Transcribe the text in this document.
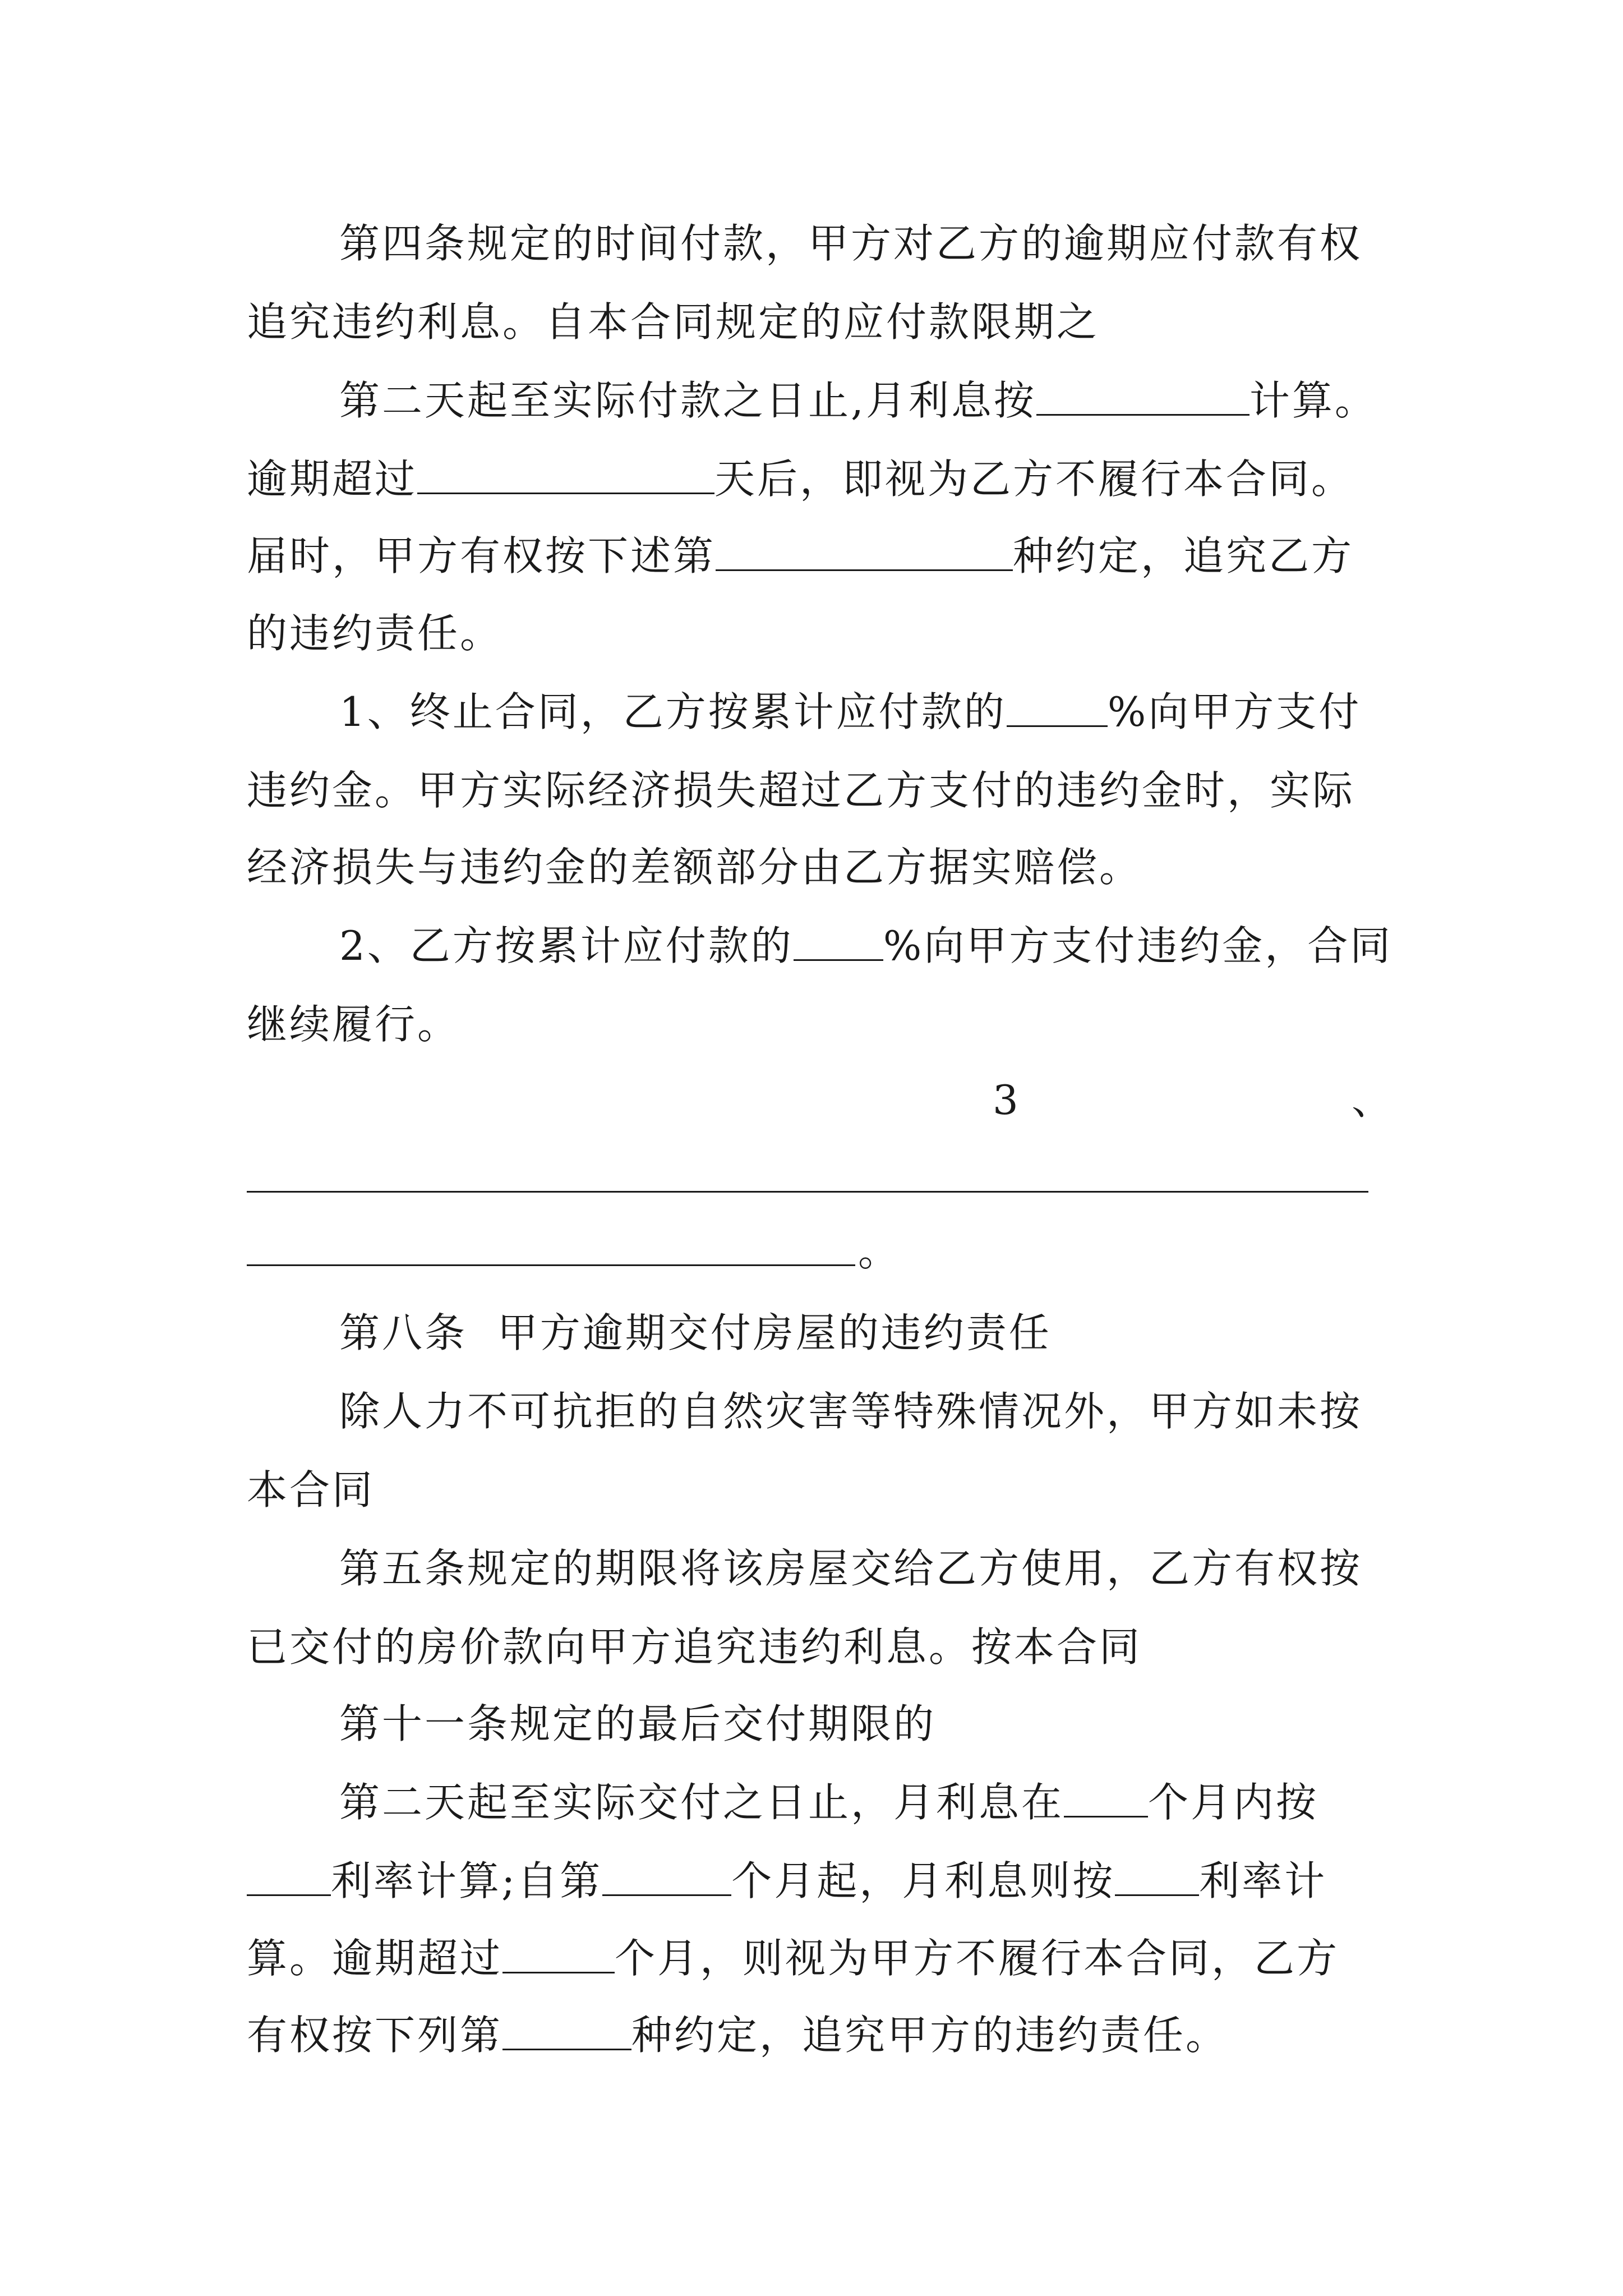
第四条规定的时间付款，甲方对乙方的逾期应付款有权
追究违约利息。自本合同规定的应付款限期之
第二天起至实际付款之日止,月利息按	计算。
逾期超过	天后，即视为乙方不履行本合同。
届时，甲方有权按下述第	种约定，追究乙方
的违约责任。
1、终止合同，乙方按累计应付款的	%向甲方支付
违约金。甲方实际经济损失超过乙方支付的违约金时，实际
经济损失与违约金的差额部分由乙方据实赔偿。
2、乙方按累计应付款的 %向甲方支付违约金，合同
继续履行。
3	、
。
第八条  甲方逾期交付房屋的违约责任
除人力不可抗拒的自然灾害等特殊情况外，甲方如未按
本合同
第五条规定的期限将该房屋交给乙方使用，乙方有权按
已交付的房价款向甲方追究违约利息。按本合同
第十一条规定的最后交付期限的
第二天起至实际交付之日止，月利息在 个月内按
利率计算;自第	个月起，月利息则按 利率计
算。逾期超过	个月，则视为甲方不履行本合同，乙方
有权按下列第	种约定，追究甲方的违约责任。
